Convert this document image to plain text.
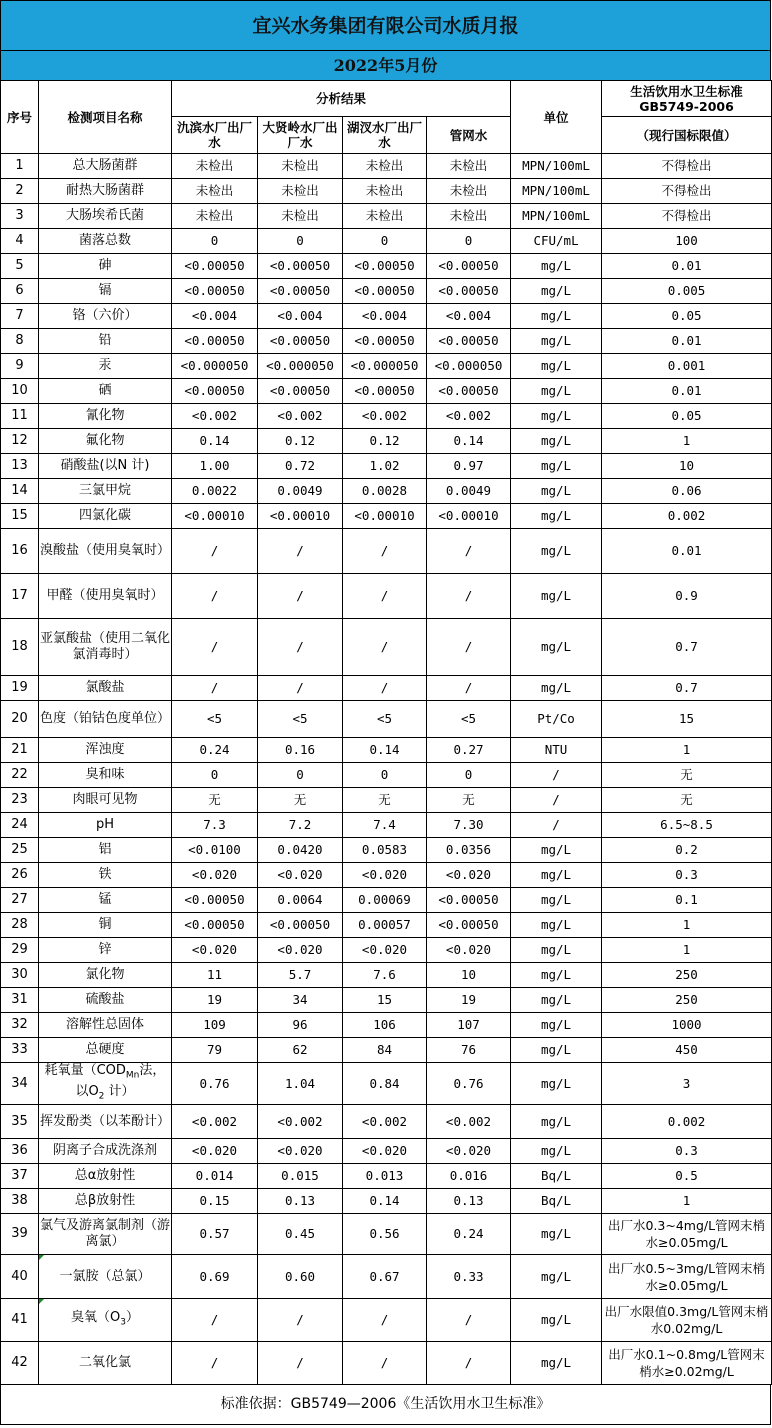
宜兴水务集团有限公司水质月报
2022年5月份
序号	检测项目名称	分析结果				单位	生活饮用水卫生标准 GB5749-2006
		氿滨水厂出厂水	大贤岭水厂出厂水	湖汊水厂出厂水	管网水		（现行国标限值）
1	总大肠菌群	未检出	未检出	未检出	未检出	MPN/100mL	不得检出
2	耐热大肠菌群	未检出	未检出	未检出	未检出	MPN/100mL	不得检出
3	大肠埃希氏菌	未检出	未检出	未检出	未检出	MPN/100mL	不得检出
4	菌落总数	0	0	0	0	CFU/mL	100
5	砷	<0.00050	<0.00050	<0.00050	<0.00050	mg/L	0.01
6	镉	<0.00050	<0.00050	<0.00050	<0.00050	mg/L	0.005
7	铬（六价）	<0.004	<0.004	<0.004	<0.004	mg/L	0.05
8	铅	<0.00050	<0.00050	<0.00050	<0.00050	mg/L	0.01
9	汞	<0.000050	<0.000050	<0.000050	<0.000050	mg/L	0.001
10	硒	<0.00050	<0.00050	<0.00050	<0.00050	mg/L	0.01
11	氰化物	<0.002	<0.002	<0.002	<0.002	mg/L	0.05
12	氟化物	0.14	0.12	0.12	0.14	mg/L	1
13	硝酸盐(以N 计)	1.00	0.72	1.02	0.97	mg/L	10
14	三氯甲烷	0.0022	0.0049	0.0028	0.0049	mg/L	0.06
15	四氯化碳	<0.00010	<0.00010	<0.00010	<0.00010	mg/L	0.002
16	溴酸盐（使用臭氧时）	/	/	/	/	mg/L	0.01
17	甲醛（使用臭氧时）	/	/	/	/	mg/L	0.9
18	亚氯酸盐（使用二氧化氯消毒时）	/	/	/	/	mg/L	0.7
19	氯酸盐	/	/	/	/	mg/L	0.7
20	色度（铂钴色度单位）	<5	<5	<5	<5	Pt/Co	15
21	浑浊度	0.24	0.16	0.14	0.27	NTU	1
22	臭和味	0	0	0	0	/	无
23	肉眼可见物	无	无	无	无	/	无
24	pH	7.3	7.2	7.4	7.30	/	6.5~8.5
25	铝	<0.0100	0.0420	0.0583	0.0356	mg/L	0.2
26	铁	<0.020	<0.020	<0.020	<0.020	mg/L	0.3
27	锰	<0.00050	0.0064	0.00069	<0.00050	mg/L	0.1
28	铜	<0.00050	<0.00050	0.00057	<0.00050	mg/L	1
29	锌	<0.020	<0.020	<0.020	<0.020	mg/L	1
30	氯化物	11	5.7	7.6	10	mg/L	250
31	硫酸盐	19	34	15	19	mg/L	250
32	溶解性总固体	109	96	106	107	mg/L	1000
33	总硬度	79	62	84	76	mg/L	450
34	耗氧量（$COD_{Mn}$法，以$O_2$ 计）	0.76	1.04	0.84	0.76	mg/L	3
35	挥发酚类（以苯酚计）	<0.002	<0.002	<0.002	<0.002	mg/L	0.002
36	阴离子合成洗涤剂	<0.020	<0.020	<0.020	<0.020	mg/L	0.3
37	总α放射性	0.014	0.015	0.013	0.016	Bq/L	0.5
38	总β放射性	0.15	0.13	0.14	0.13	Bq/L	1
39	氯气及游离氯制剂（游离氯）	0.57	0.45	0.56	0.24	mg/L	出厂水0.3~4mg/L管网末梢水≥0.05mg/L
40	一氯胺（总氯）	0.69	0.60	0.67	0.33	mg/L	出厂水0.5~3mg/L管网末梢水≥0.05mg/L
41	臭氧$(O_3)$	/	/	/	/	mg/L	出厂水限值0.3mg/L管网末梢水0.02mg/L
42	二氧化氯	/	/	/	/	mg/L	出厂水0.1~0.8mg/L管网末梢水≥0.02mg/L
标准依据：GB5749—2006《生活饮用水卫生标准》
